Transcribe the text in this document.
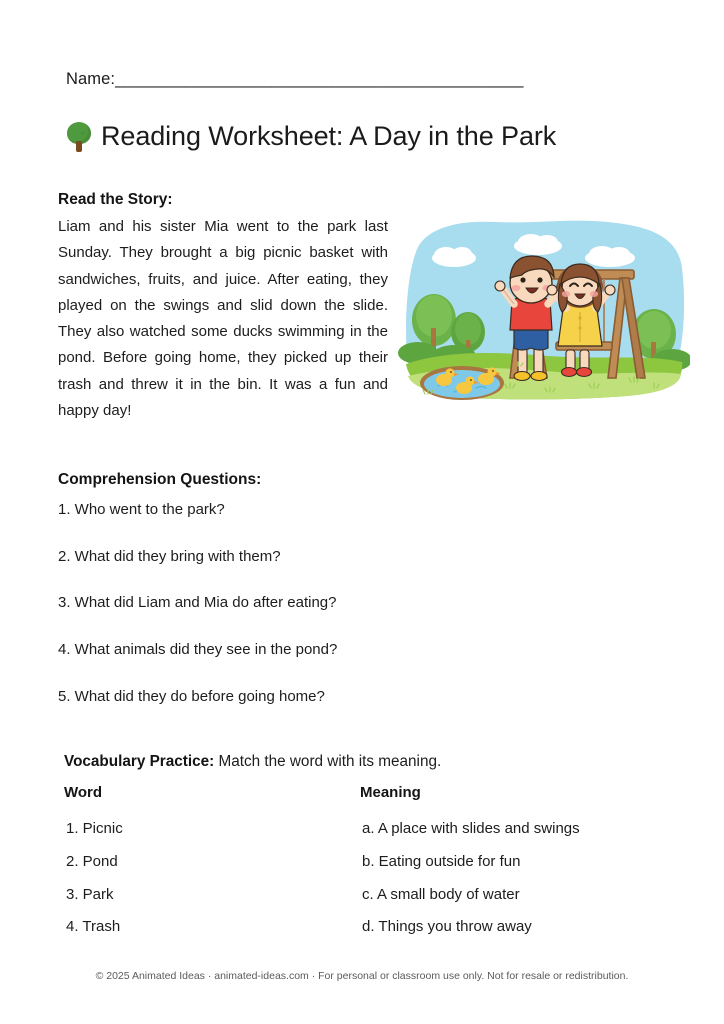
Name:_______________________________________________
Reading Worksheet: A Day in the Park
Read the Story:
Liam and his sister Mia went to the park last Sunday. They brought a big picnic basket with sandwiches, fruits, and juice. After eating, they played on the swings and slid down the slide. They also watched some ducks swimming in the pond. Before going home, they picked up their trash and threw it in the bin. It was a fun and happy day!
Comprehension Questions:
1. Who went to the park?
2. What did they bring with them?
3. What did Liam and Mia do after eating?
4. What animals did they see in the pond?
5. What did they do before going home?
Vocabulary Practice: Match the word with its meaning.
Word	Meaning
1. Picnic	a. A place with slides and swings
2. Pond	b. Eating outside for fun
3. Park	c. A small body of water
4. Trash	d. Things you throw away
© 2025 Animated Ideas · animated-ideas.com · For personal or classroom use only. Not for resale or redistribution.
